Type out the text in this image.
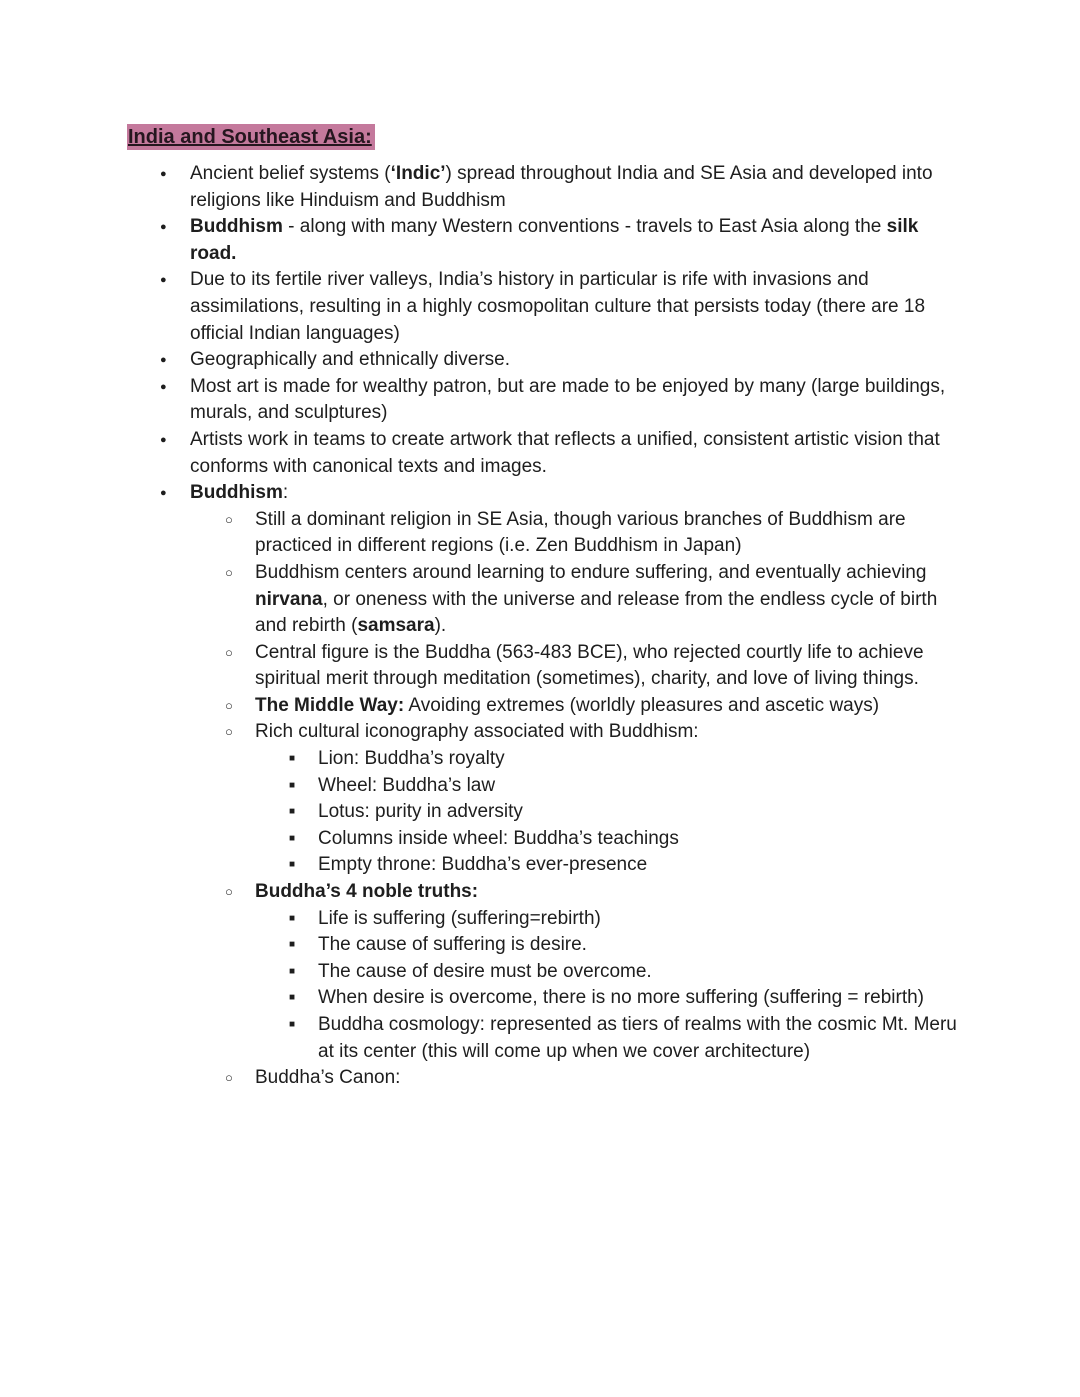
India and Southeast Asia:
● Ancient belief systems (‘Indic’) spread throughout India and SE Asia and developed into religions like Hinduism and Buddhism
● Buddhism - along with many Western conventions - travels to East Asia along the silk road.
● Due to its fertile river valleys, India’s history in particular is rife with invasions and assimilations, resulting in a highly cosmopolitan culture that persists today (there are 18 official Indian languages)
● Geographically and ethnically diverse.
● Most art is made for wealthy patron, but are made to be enjoyed by many (large buildings, murals, and sculptures)
● Artists work in teams to create artwork that reflects a unified, consistent artistic vision that conforms with canonical texts and images.
● Buddhism:
○ Still a dominant religion in SE Asia, though various branches of Buddhism are practiced in different regions (i.e. Zen Buddhism in Japan)
○ Buddhism centers around learning to endure suffering, and eventually achieving nirvana, or oneness with the universe and release from the endless cycle of birth and rebirth (samsara).
○ Central figure is the Buddha (563-483 BCE), who rejected courtly life to achieve spiritual merit through meditation (sometimes), charity, and love of living things.
○ The Middle Way: Avoiding extremes (worldly pleasures and ascetic ways)
○ Rich cultural iconography associated with Buddhism:
■ Lion: Buddha’s royalty
■ Wheel: Buddha’s law
■ Lotus: purity in adversity
■ Columns inside wheel: Buddha’s teachings
■ Empty throne: Buddha’s ever-presence
○ Buddha’s 4 noble truths:
■ Life is suffering (suffering=rebirth)
■ The cause of suffering is desire.
■ The cause of desire must be overcome.
■ When desire is overcome, there is no more suffering (suffering = rebirth)
■ Buddha cosmology: represented as tiers of realms with the cosmic Mt. Meru at its center (this will come up when we cover architecture)
○ Buddha’s Canon:
